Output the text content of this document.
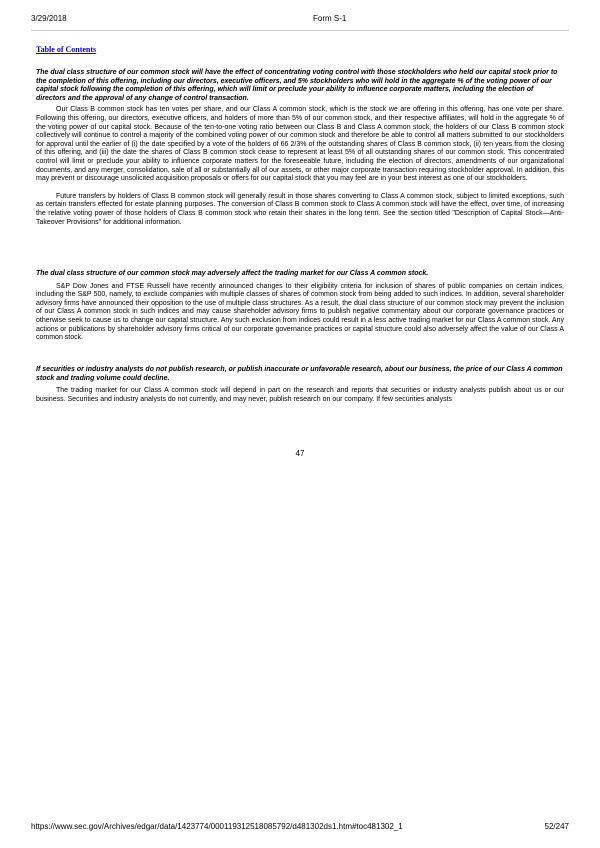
3/29/2018	Form S-1
Table of Contents

The dual class structure of our common stock will have the effect of concentrating voting control with those stockholders who held our capital stock prior to the completion of this offering, including our directors, executive officers, and 5% stockholders who will hold in the aggregate % of the voting power of our capital stock following the completion of this offering, which will limit or preclude your ability to influence corporate matters, including the election of directors and the approval of any change of control transaction.

Our Class B common stock has ten votes per share, and our Class A common stock, which is the stock we are offering in this offering, has one vote per share. Following this offering, our directors, executive officers, and holders of more than 5% of our common stock, and their respective affiliates, will hold in the aggregate % of the voting power of our capital stock. Because of the ten-to-one voting ratio between our Class B and Class A common stock, the holders of our Class B common stock collectively will continue to control a majority of the combined voting power of our common stock and therefore be able to control all matters submitted to our stockholders for approval until the earlier of (i) the date specified by a vote of the holders of 66 2/3% of the outstanding shares of Class B common stock, (ii) ten years from the closing of this offering, and (iii) the date the shares of Class B common stock cease to represent at least 5% of all outstanding shares of our common stock. This concentrated control will limit or preclude your ability to influence corporate matters for the foreseeable future, including the election of directors, amendments of our organizational documents, and any merger, consolidation, sale of all or substantially all of our assets, or other major corporate transaction requiring stockholder approval. In addition, this may prevent or discourage unsolicited acquisition proposals or offers for our capital stock that you may feel are in your best interest as one of our stockholders.

Future transfers by holders of Class B common stock will generally result in those shares converting to Class A common stock, subject to limited exceptions, such as certain transfers effected for estate planning purposes. The conversion of Class B common stock to Class A common stock will have the effect, over time, of increasing the relative voting power of those holders of Class B common stock who retain their shares in the long term. See the section titled "Description of Capital Stock—Anti-Takeover Provisions" for additional information.

The dual class structure of our common stock may adversely affect the trading market for our Class A common stock.

S&P Dow Jones and FTSE Russell have recently announced changes to their eligibility criteria for inclusion of shares of public companies on certain indices, including the S&P 500, namely, to exclude companies with multiple classes of shares of common stock from being added to such indices. In addition, several shareholder advisory firms have announced their opposition to the use of multiple class structures. As a result, the dual class structure of our common stock may prevent the inclusion of our Class A common stock in such indices and may cause shareholder advisory firms to publish negative commentary about our corporate governance practices or otherwise seek to cause us to change our capital structure. Any such exclusion from indices could result in a less active trading market for our Class A common stock. Any actions or publications by shareholder advisory firms critical of our corporate governance practices or capital structure could also adversely affect the value of our Class A common stock.

If securities or industry analysts do not publish research, or publish inaccurate or unfavorable research, about our business, the price of our Class A common stock and trading volume could decline.

The trading market for our Class A common stock will depend in part on the research and reports that securities or industry analysts publish about us or our business. Securities and industry analysts do not currently, and may never, publish research on our company. If few securities analysts

47
https://www.sec.gov/Archives/edgar/data/1423774/000119312518085792/d481302ds1.htm#toc481302_1	52/247
